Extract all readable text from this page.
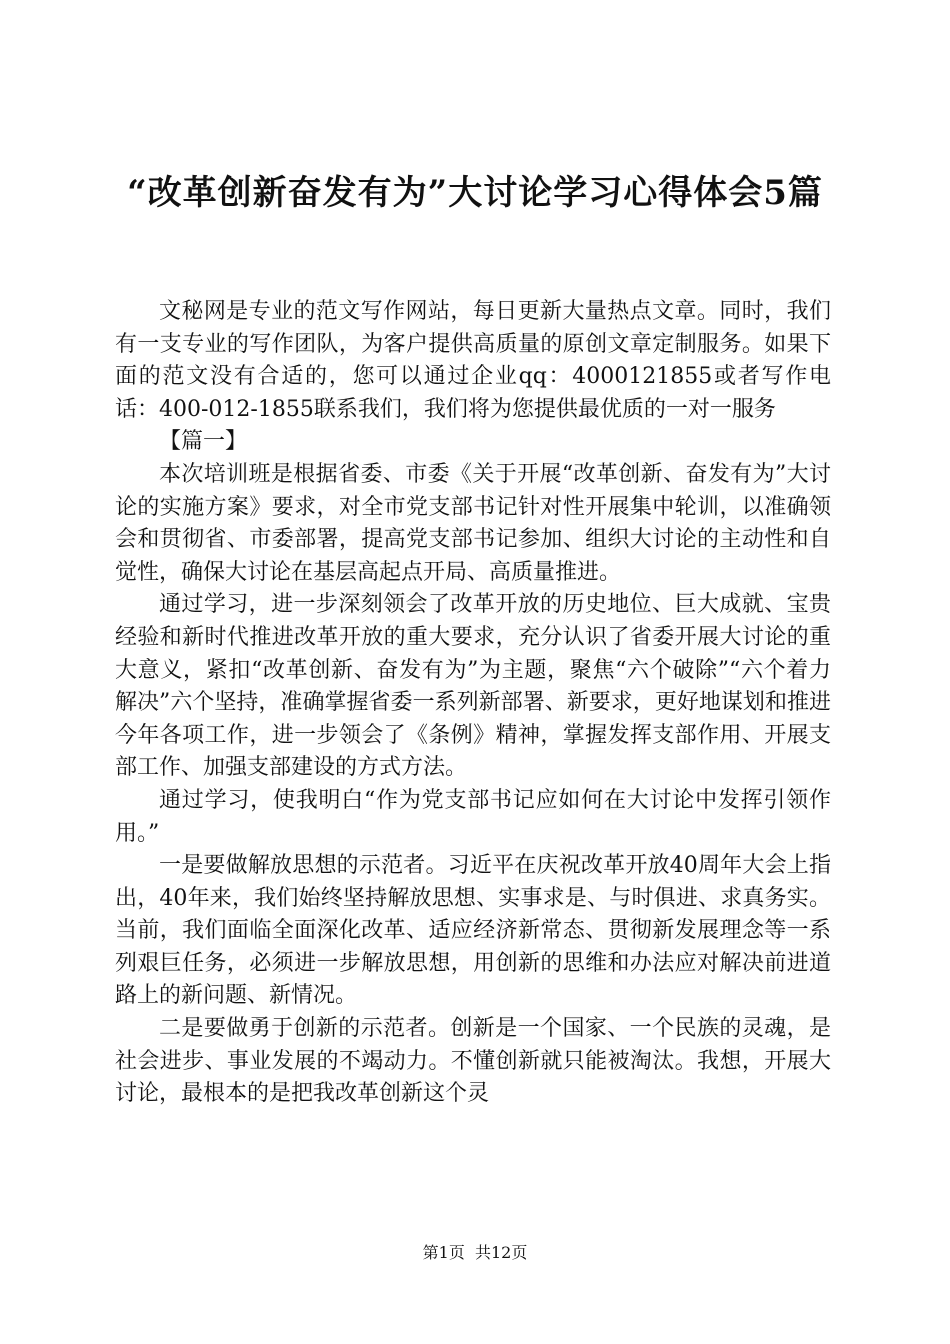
“改革创新奋发有为”大讨论学习心得体会5篇

文秘网是专业的范文写作网站，每日更新大量热点文章。同时，我们有一支专业的写作团队，为客户提供高质量的原创文章定制服务。如果下面的范文没有合适的，您可以通过企业qq：4000121855或者写作电话：400-012-1855联系我们，我们将为您提供最优质的一对一服务

【篇一】

本次培训班是根据省委、市委《关于开展“改革创新、奋发有为”大讨论的实施方案》要求，对全市党支部书记针对性开展集中轮训，以准确领会和贯彻省、市委部署，提高党支部书记参加、组织大讨论的主动性和自觉性，确保大讨论在基层高起点开局、高质量推进。

通过学习，进一步深刻领会了改革开放的历史地位、巨大成就、宝贵经验和新时代推进改革开放的重大要求，充分认识了省委开展大讨论的重大意义，紧扣“改革创新、奋发有为”为主题，聚焦“六个破除”“六个着力解决”六个坚持，准确掌握省委一系列新部署、新要求，更好地谋划和推进今年各项工作，进一步领会了《条例》精神，掌握发挥支部作用、开展支部工作、加强支部建设的方式方法。

通过学习，使我明白“作为党支部书记应如何在大讨论中发挥引领作用。”

一是要做解放思想的示范者。习近平在庆祝改革开放40周年大会上指出，40年来，我们始终坚持解放思想、实事求是、与时俱进、求真务实。当前，我们面临全面深化改革、适应经济新常态、贯彻新发展理念等一系列艰巨任务，必须进一步解放思想，用创新的思维和办法应对解决前进道路上的新问题、新情况。

二是要做勇于创新的示范者。创新是一个国家、一个民族的灵魂，是社会进步、事业发展的不竭动力。不懂创新就只能被淘汰。我想，开展大讨论，最根本的是把我改革创新这个灵

第1页  共12页
